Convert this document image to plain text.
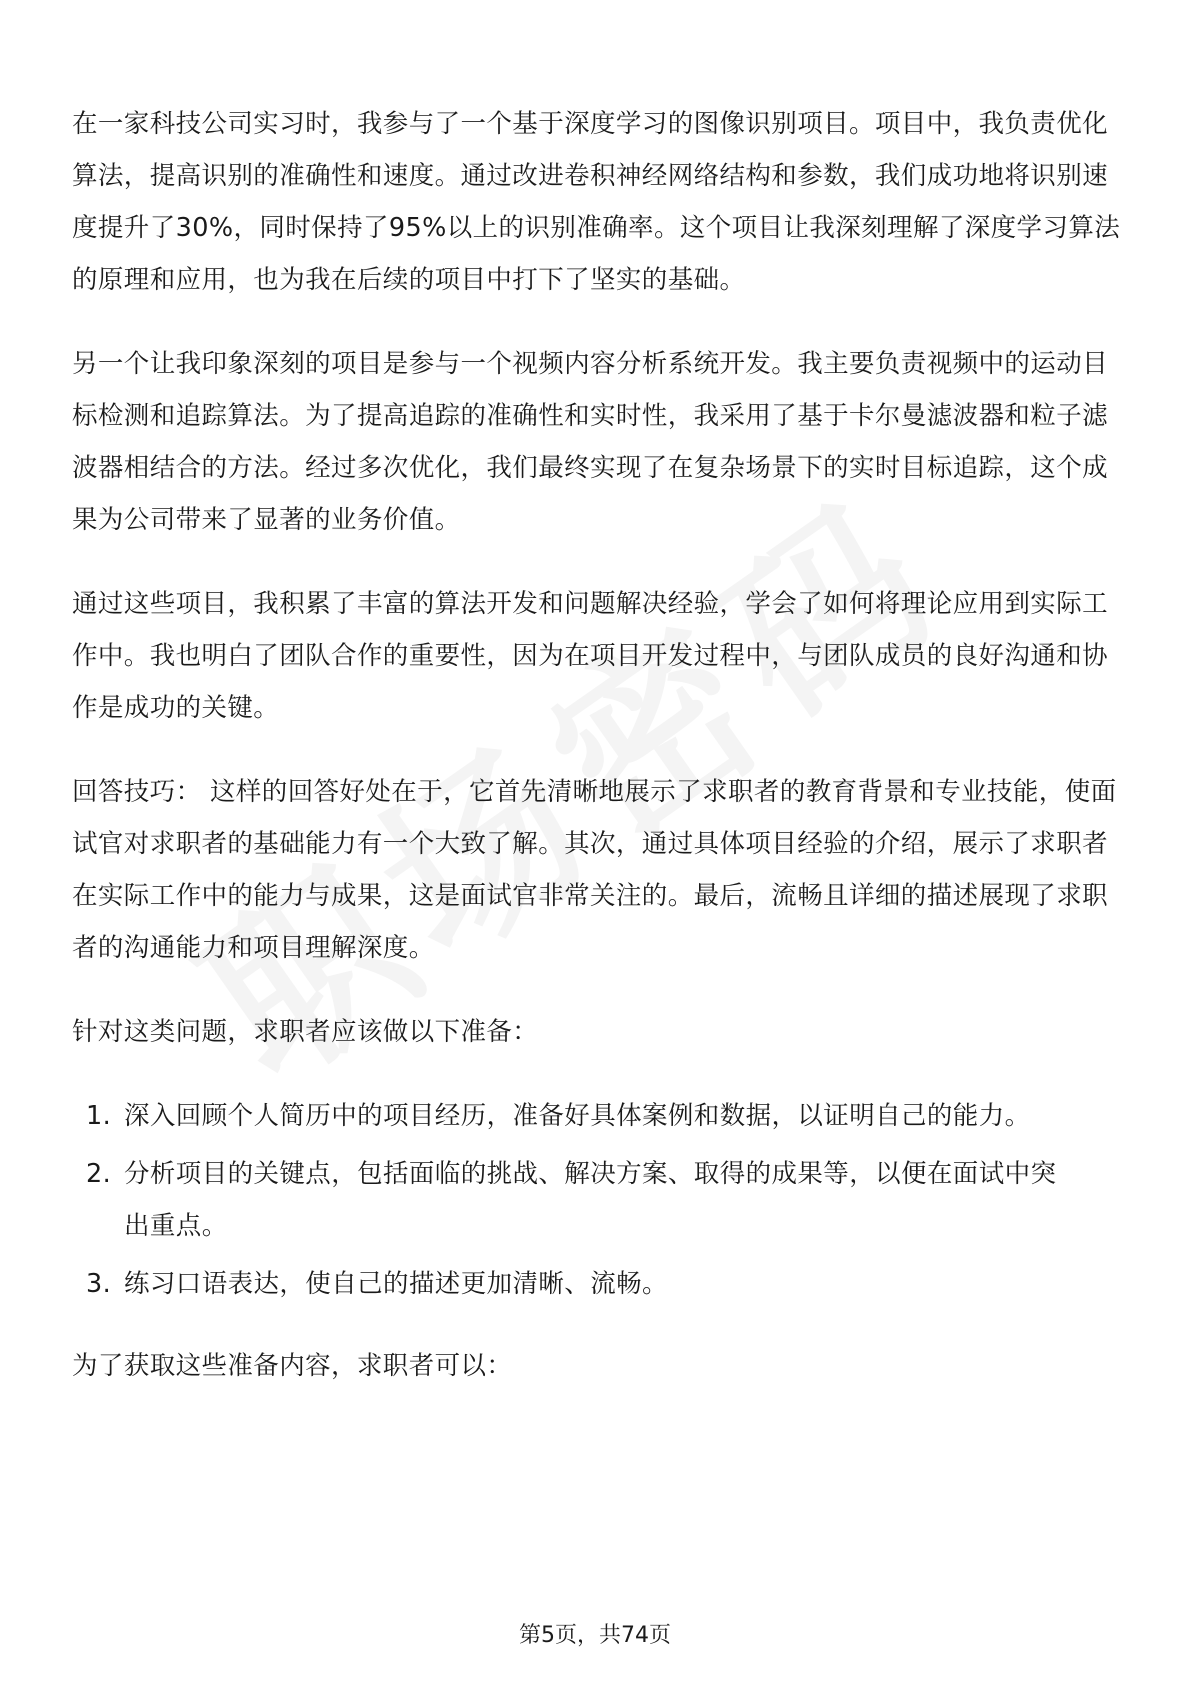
在一家科技公司实习时，我参与了一个基于深度学习的图像识别项目。项目中，我负责优化算法，提高识别的准确性和速度。通过改进卷积神经网络结构和参数，我们成功地将识别速度提升了30%，同时保持了95%以上的识别准确率。这个项目让我深刻理解了深度学习算法的原理和应用，也为我在后续的项目中打下了坚实的基础。

另一个让我印象深刻的项目是参与一个视频内容分析系统开发。我主要负责视频中的运动目标检测和追踪算法。为了提高追踪的准确性和实时性，我采用了基于卡尔曼滤波器和粒子滤波器相结合的方法。经过多次优化，我们最终实现了在复杂场景下的实时目标追踪，这个成果为公司带来了显著的业务价值。

通过这些项目，我积累了丰富的算法开发和问题解决经验，学会了如何将理论应用到实际工作中。我也明白了团队合作的重要性，因为在项目开发过程中，与团队成员的良好沟通和协作是成功的关键。

回答技巧： 这样的回答好处在于，它首先清晰地展示了求职者的教育背景和专业技能，使面试官对求职者的基础能力有一个大致了解。其次，通过具体项目经验的介绍，展示了求职者在实际工作中的能力与成果，这是面试官非常关注的。最后，流畅且详细的描述展现了求职者的沟通能力和项目理解深度。

针对这类问题，求职者应该做以下准备：

1. 深入回顾个人简历中的项目经历，准备好具体案例和数据，以证明自己的能力。
2. 分析项目的关键点，包括面临的挑战、解决方案、取得的成果等，以便在面试中突出重点。
3. 练习口语表达，使自己的描述更加清晰、流畅。

为了获取这些准备内容，求职者可以：

第5页，共74页
